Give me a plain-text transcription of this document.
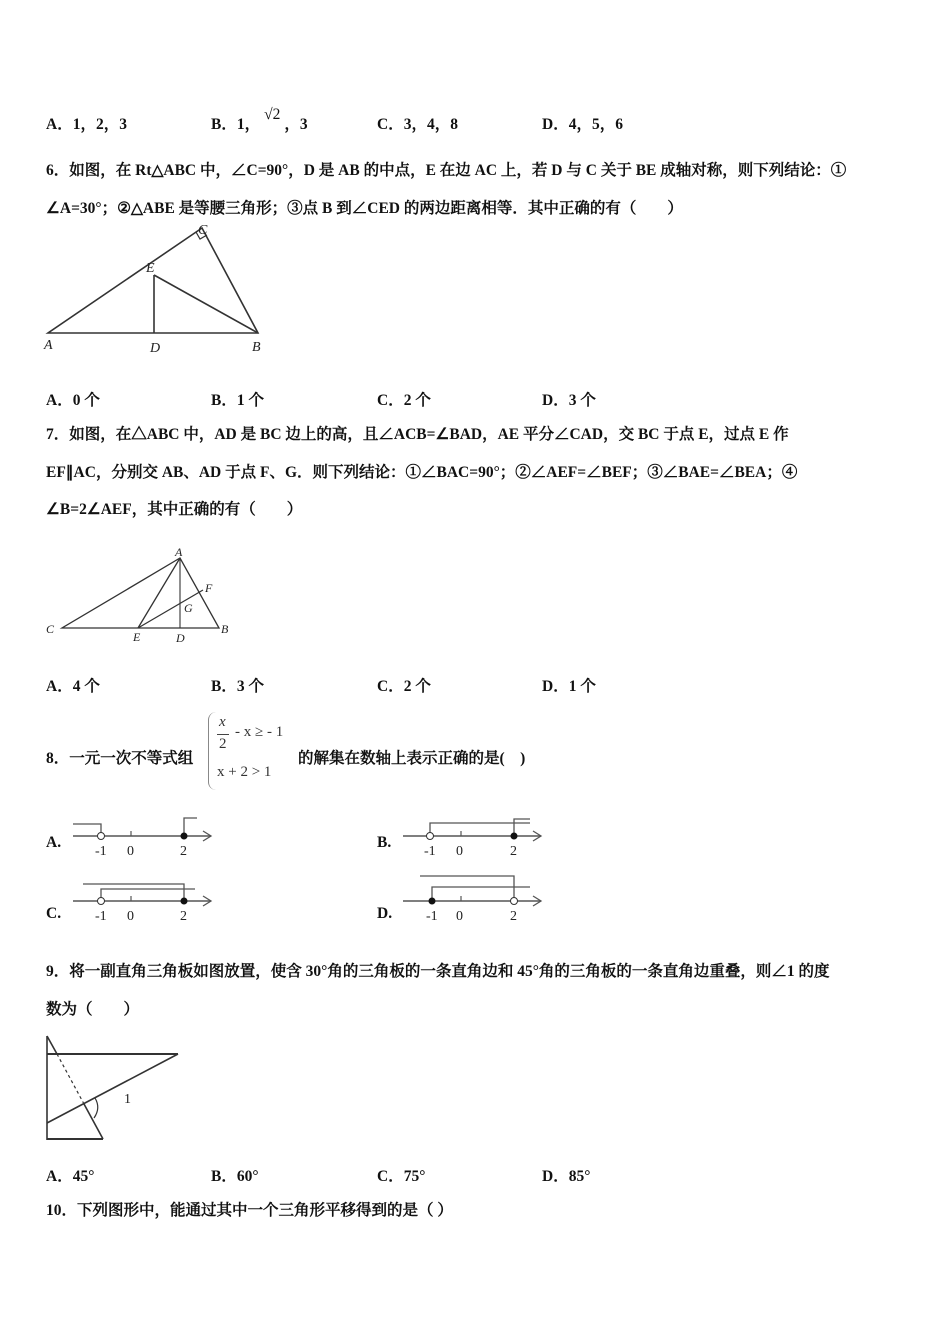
A．1，2，3	B．1，√2，3	C．3，4，8	D．4，5，6
6．如图，在 Rt△ABC 中，∠C=90°，D 是 AB 的中点，E 在边 AC 上，若 D 与 C 关于 BE 成轴对称，则下列结论：①
∠A=30°；②△ABE 是等腰三角形；③点 B 到∠CED 的两边距离相等．其中正确的有（　　）
C
E
A	D	B
A．0 个	B．1 个	C．2 个	D．3 个
7．如图，在△ABC 中，AD 是 BC 边上的高，且∠ACB=∠BAD，AE 平分∠CAD，交 BC 于点 E，过点 E 作
EF∥AC，分别交 AB、AD 于点 F、G．则下列结论：①∠BAC=90°；②∠AEF=∠BEF；③∠BAE=∠BEA；④
∠B=2∠AEF，其中正确的有（　　）
A
F
G
C
E	D
B
A．4 个	B．3 个	C．2 个	D．1 个
8．一元一次不等式组
x
2
- x ≥ - 1
x + 2 > 1
的解集在数轴上表示正确的是(　)
A.	B.
C.	D.
-1 0	2	-1 0	2
-1 0	2	-1 0	2
9．将一副直角三角板如图放置，使含 30°角的三角板的一条直角边和 45°角的三角板的一条直角边重叠，则∠1 的度
数为（　　）
1
A．45°	B．60°	C．75°	D．85°
10．下列图形中，能通过其中一个三角形平移得到的是（ ）
